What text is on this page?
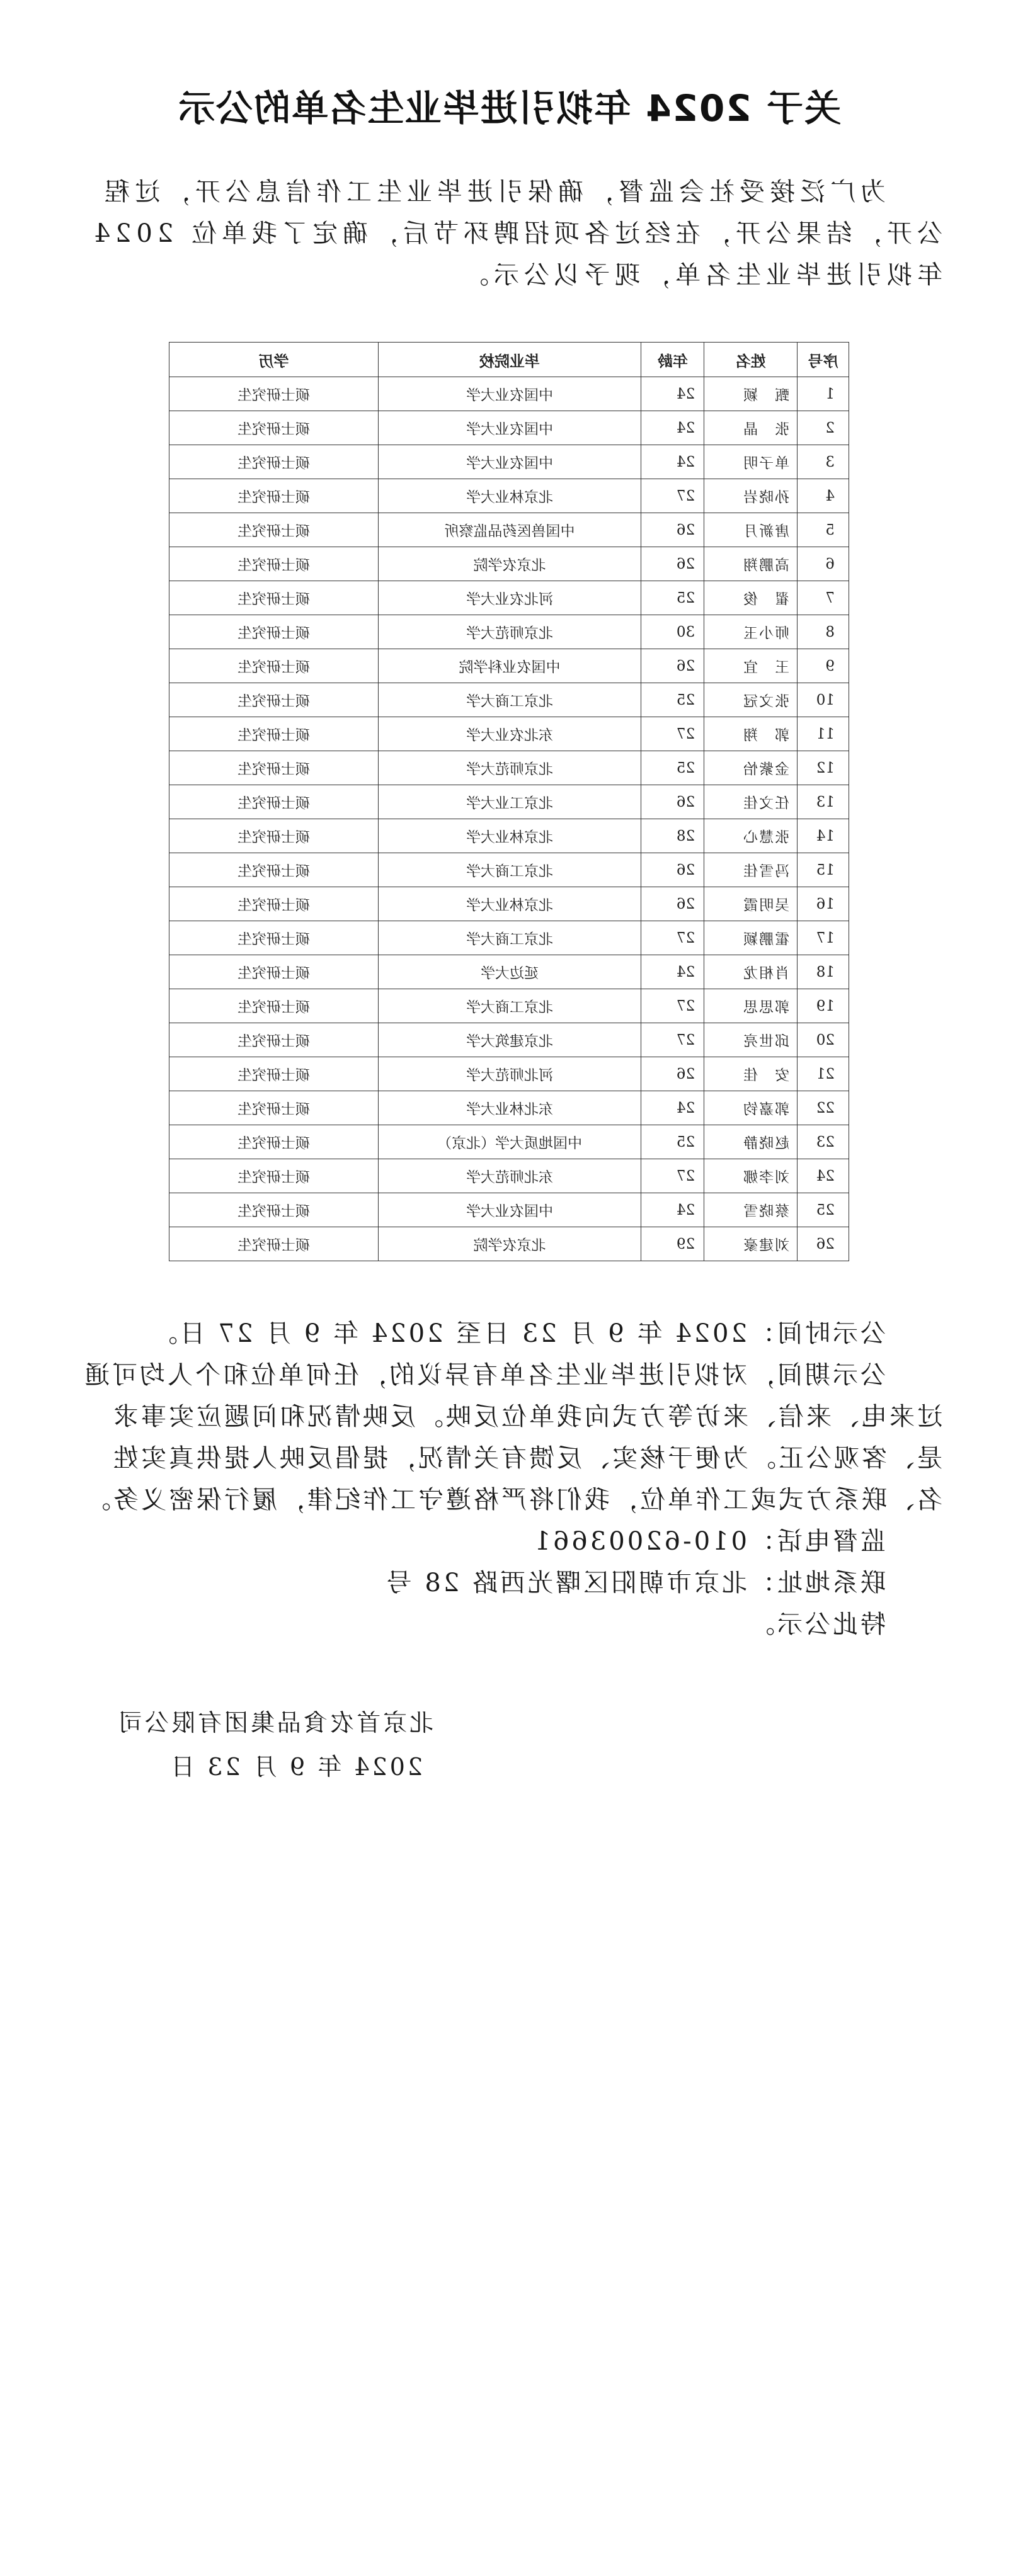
关于 2024 年拟引进毕业生名单的公示
为广泛接受社会监督，确保引进毕业生工作信息公开，过程公开，结果公开，在经过各项招聘环节后，确定了我单位 2024 年拟引进毕业生名单，现予以公示。
序号	姓名	年龄	毕业院校	学历
1	甄　颖	24	中国农业大学	硕士研究生
2	张　晶	24	中国农业大学	硕士研究生
3	单子明	24	中国农业大学	硕士研究生
4	孙晓岩	27	北京林业大学	硕士研究生
5	唐新月	26	中国兽医药品监察所	硕士研究生
6	高鹏翔	26	北京农学院	硕士研究生
7	翟　俊	25	河北农业大学	硕士研究生
8	师小玉	30	北京师范大学	硕士研究生
9	王　宜	26	中国农业科学院	硕士研究生
10	张文冠	25	北京工商大学	硕士研究生
11	郭　翔	27	东北农业大学	硕士研究生
12	金紫怡	25	北京师范大学	硕士研究生
13	任文佳	26	北京工业大学	硕士研究生
14	张慧心	28	北京林业大学	硕士研究生
15	冯雪佳	26	北京工商大学	硕士研究生
16	吴明霞	26	北京林业大学	硕士研究生
17	霍鹏颖	27	北京工商大学	硕士研究生
18	肖相龙	24	延边大学	硕士研究生
19	郭思思	27	北京工商大学	硕士研究生
20	邱世亮	27	北京建筑大学	硕士研究生
21	安　佳	26	河北师范大学	硕士研究生
22	郭嘉钧	24	东北林业大学	硕士研究生
23	赵晓静	25	中国地质大学（北京）	硕士研究生
24	刘李娜	27	东北师范大学	硕士研究生
25	蔡晓雪	24	中国农业大学	硕士研究生
26	刘建豪	29	北京农学院	硕士研究生

公示时间：2024 年 9 月 23 日至 2024 年 9 月 27 日。

公示期间，对拟引进毕业生名单有异议的，任何单位和个人均可通过来电、来信、来访等方式向我单位反映。反映情况和问题应实事求是、客观公正。为便于核实、反馈有关情况，提倡反映人提供真实姓名、联系方式或工作单位，我们将严格遵守工作纪律，履行保密义务。

监督电话：010-62003661

联系地址：北京市朝阳区曙光西路 28 号

特此公示。

北京首农食品集团有限公司
2024 年 9 月 23 日
